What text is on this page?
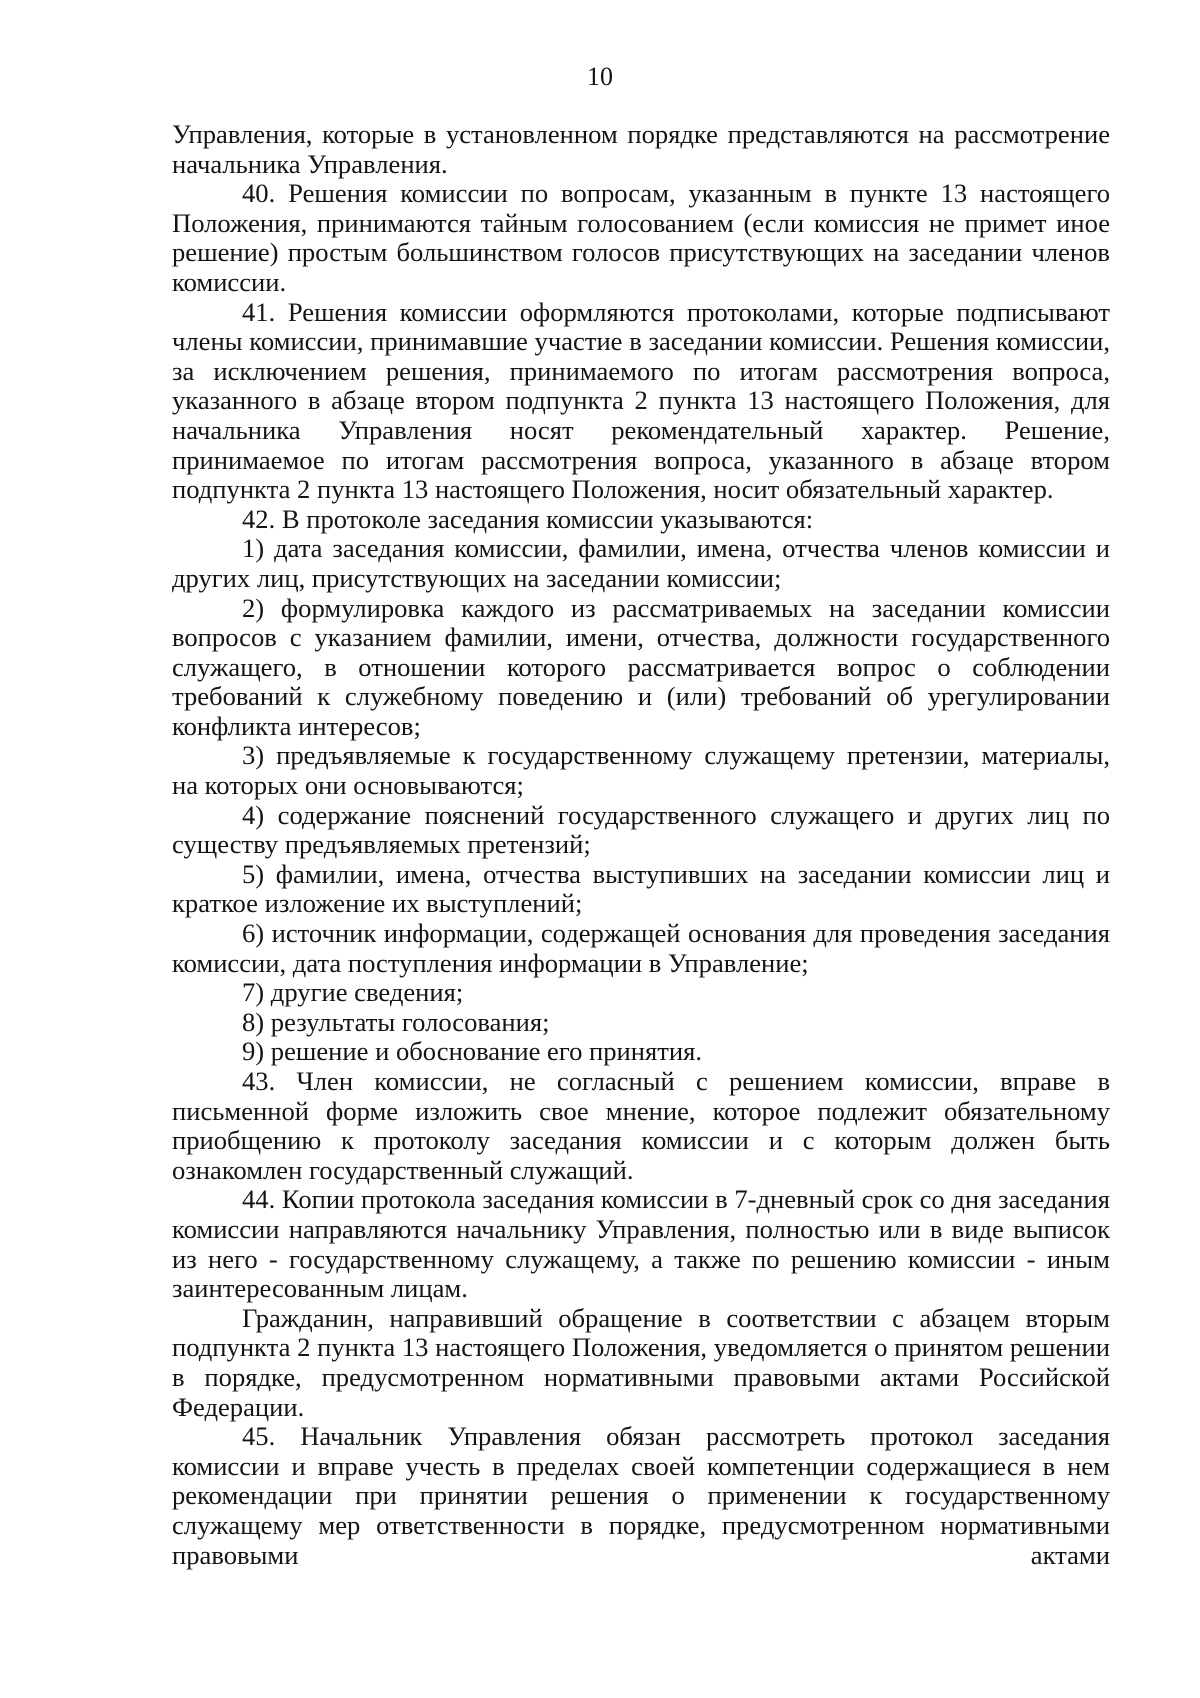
10

Управления, которые в установленном порядке представляются на рассмотрение начальника Управления.

40. Решения комиссии по вопросам, указанным в пункте 13 настоящего Положения, принимаются тайным голосованием (если комиссия не примет иное решение) простым большинством голосов присутствующих на заседании членов комиссии.

41. Решения комиссии оформляются протоколами, которые подписывают члены комиссии, принимавшие участие в заседании комиссии. Решения комиссии, за исключением решения, принимаемого по итогам рассмотрения вопроса, указанного в абзаце втором подпункта 2 пункта 13 настоящего Положения, для начальника Управления носят рекомендательный характер. Решение, принимаемое по итогам рассмотрения вопроса, указанного в абзаце втором подпункта 2 пункта 13 настоящего Положения, носит обязательный характер.

42. В протоколе заседания комиссии указываются:

1) дата заседания комиссии, фамилии, имена, отчества членов комиссии и других лиц, присутствующих на заседании комиссии;

2) формулировка каждого из рассматриваемых на заседании комиссии вопросов с указанием фамилии, имени, отчества, должности государственного служащего, в отношении которого рассматривается вопрос о соблюдении требований к служебному поведению и (или) требований об урегулировании конфликта интересов;

3) предъявляемые к государственному служащему претензии, материалы, на которых они основываются;

4) содержание пояснений государственного служащего и других лиц по существу предъявляемых претензий;

5) фамилии, имена, отчества выступивших на заседании комиссии лиц и краткое изложение их выступлений;

6) источник информации, содержащей основания для проведения заседания комиссии, дата поступления информации в Управление;

7) другие сведения;

8) результаты голосования;

9) решение и обоснование его принятия.

43. Член комиссии, не согласный с решением комиссии, вправе в письменной форме изложить свое мнение, которое подлежит обязательному приобщению к протоколу заседания комиссии и с которым должен быть ознакомлен государственный служащий.

44. Копии протокола заседания комиссии в 7-дневный срок со дня заседания комиссии направляются начальнику Управления, полностью или в виде выписок из него - государственному служащему, а также по решению комиссии - иным заинтересованным лицам.

Гражданин, направивший обращение в соответствии с абзацем вторым подпункта 2 пункта 13 настоящего Положения, уведомляется о принятом решении в порядке, предусмотренном нормативными правовыми актами Российской Федерации.

45. Начальник Управления обязан рассмотреть протокол заседания комиссии и вправе учесть в пределах своей компетенции содержащиеся в нем рекомендации при принятии решения о применении к государственному служащему мер ответственности в порядке, предусмотренном нормативными правовыми актами
